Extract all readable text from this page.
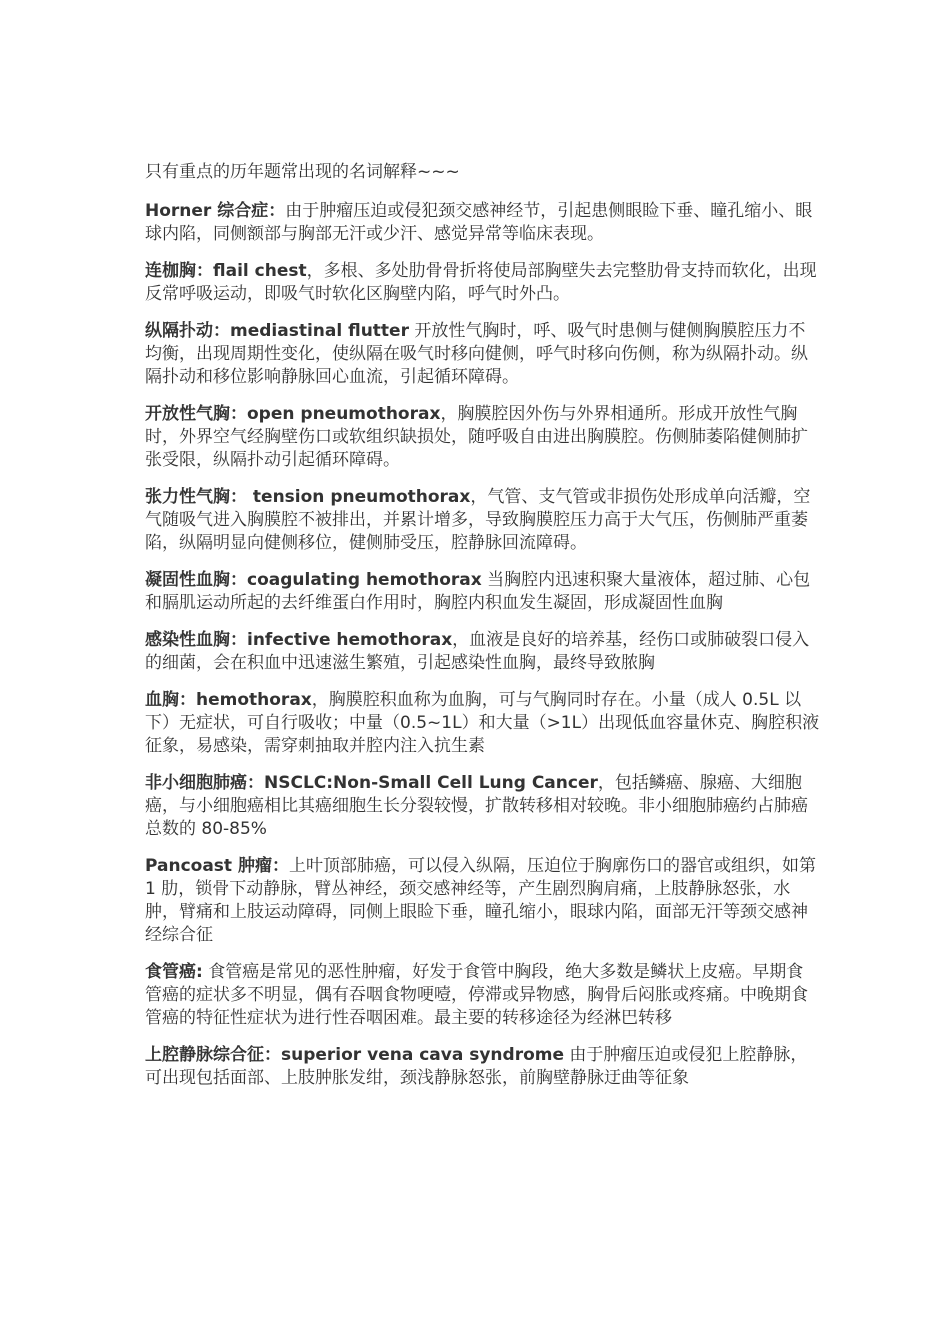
只有重点的历年题常出现的名词解释~~~

Horner 综合症：由于肿瘤压迫或侵犯颈交感神经节，引起患侧眼睑下垂、瞳孔缩小、眼球内陷，同侧额部与胸部无汗或少汗、感觉异常等临床表现。

连枷胸：flail chest，多根、多处肋骨骨折将使局部胸壁失去完整肋骨支持而软化，出现反常呼吸运动，即吸气时软化区胸壁内陷，呼气时外凸。

纵隔扑动：mediastinal flutter 开放性气胸时，呼、吸气时患侧与健侧胸膜腔压力不均衡，出现周期性变化，使纵隔在吸气时移向健侧，呼气时移向伤侧，称为纵隔扑动。纵隔扑动和移位影响静脉回心血流，引起循环障碍。

开放性气胸：open pneumothorax，胸膜腔因外伤与外界相通所。形成开放性气胸时，外界空气经胸壁伤口或软组织缺损处，随呼吸自由进出胸膜腔。伤侧肺萎陷健侧肺扩张受限，纵隔扑动引起循环障碍。

张力性气胸： tension pneumothorax，气管、支气管或非损伤处形成单向活瓣，空气随吸气进入胸膜腔不被排出，并累计增多，导致胸膜腔压力高于大气压，伤侧肺严重萎陷，纵隔明显向健侧移位，健侧肺受压，腔静脉回流障碍。

凝固性血胸：coagulating hemothorax 当胸腔内迅速积聚大量液体，超过肺、心包和膈肌运动所起的去纤维蛋白作用时，胸腔内积血发生凝固，形成凝固性血胸

感染性血胸：infective hemothorax，血液是良好的培养基，经伤口或肺破裂口侵入的细菌，会在积血中迅速滋生繁殖，引起感染性血胸，最终导致脓胸

血胸：hemothorax，胸膜腔积血称为血胸，可与气胸同时存在。小量（成人 0.5L 以下）无症状，可自行吸收；中量（0.5~1L）和大量（>1L）出现低血容量休克、胸腔积液征象，易感染，需穿刺抽取并腔内注入抗生素

非小细胞肺癌：NSCLC:Non-Small Cell Lung Cancer，包括鳞癌、腺癌、大细胞癌，与小细胞癌相比其癌细胞生长分裂较慢，扩散转移相对较晚。非小细胞肺癌约占肺癌总数的 80-85%

Pancoast 肿瘤：上叶顶部肺癌，可以侵入纵隔，压迫位于胸廓伤口的器官或组织，如第 1 肋，锁骨下动静脉，臂丛神经，颈交感神经等，产生剧烈胸肩痛，上肢静脉怒张，水肿，臂痛和上肢运动障碍，同侧上眼睑下垂，瞳孔缩小，眼球内陷，面部无汗等颈交感神经综合征

食管癌: 食管癌是常见的恶性肿瘤，好发于食管中胸段，绝大多数是鳞状上皮癌。早期食管癌的症状多不明显，偶有吞咽食物哽噎，停滞或异物感，胸骨后闷胀或疼痛。中晚期食管癌的特征性症状为进行性吞咽困难。最主要的转移途径为经淋巴转移

上腔静脉综合征：superior vena cava syndrome 由于肿瘤压迫或侵犯上腔静脉，可出现包括面部、上肢肿胀发绀，颈浅静脉怒张，前胸壁静脉迂曲等征象
